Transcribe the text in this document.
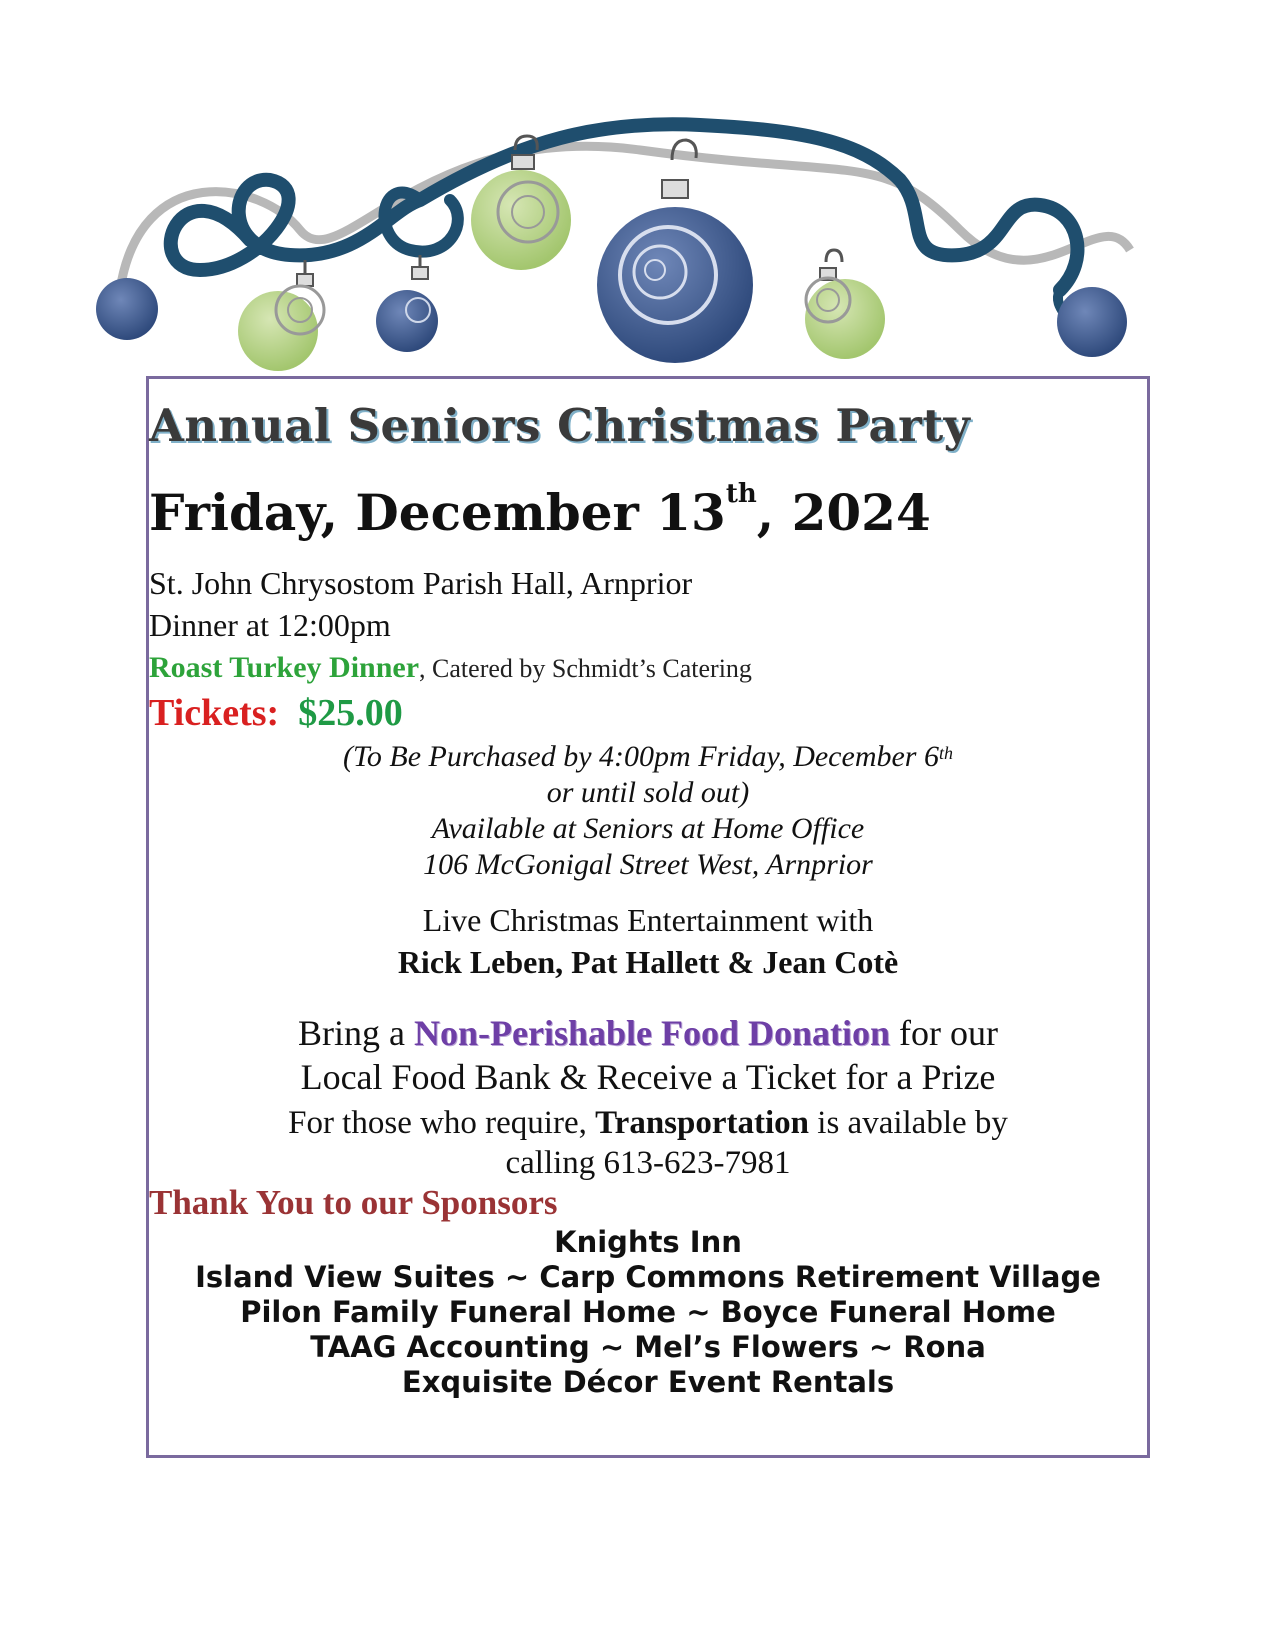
Annual Seniors Christmas Party
Friday, December 13th, 2024
St. John Chrysostom Parish Hall, Arnprior
Dinner at 12:00pm
Roast Turkey Dinner, Catered by Schmidt’s Catering
Tickets: $25.00
(To Be Purchased by 4:00pm Friday, December 6th
or until sold out)
Available at Seniors at Home Office
106 McGonigal Street West, Arnprior
Live Christmas Entertainment with
Rick Leben, Pat Hallett & Jean Cotè
Bring a Non-Perishable Food Donation for our
Local Food Bank & Receive a Ticket for a Prize
For those who require, Transportation is available by
calling 613-623-7981
Thank You to our Sponsors
Knights Inn
Island View Suites ~ Carp Commons Retirement Village
Pilon Family Funeral Home ~ Boyce Funeral Home
TAAG Accounting ~ Mel’s Flowers ~ Rona
Exquisite Décor Event Rentals
